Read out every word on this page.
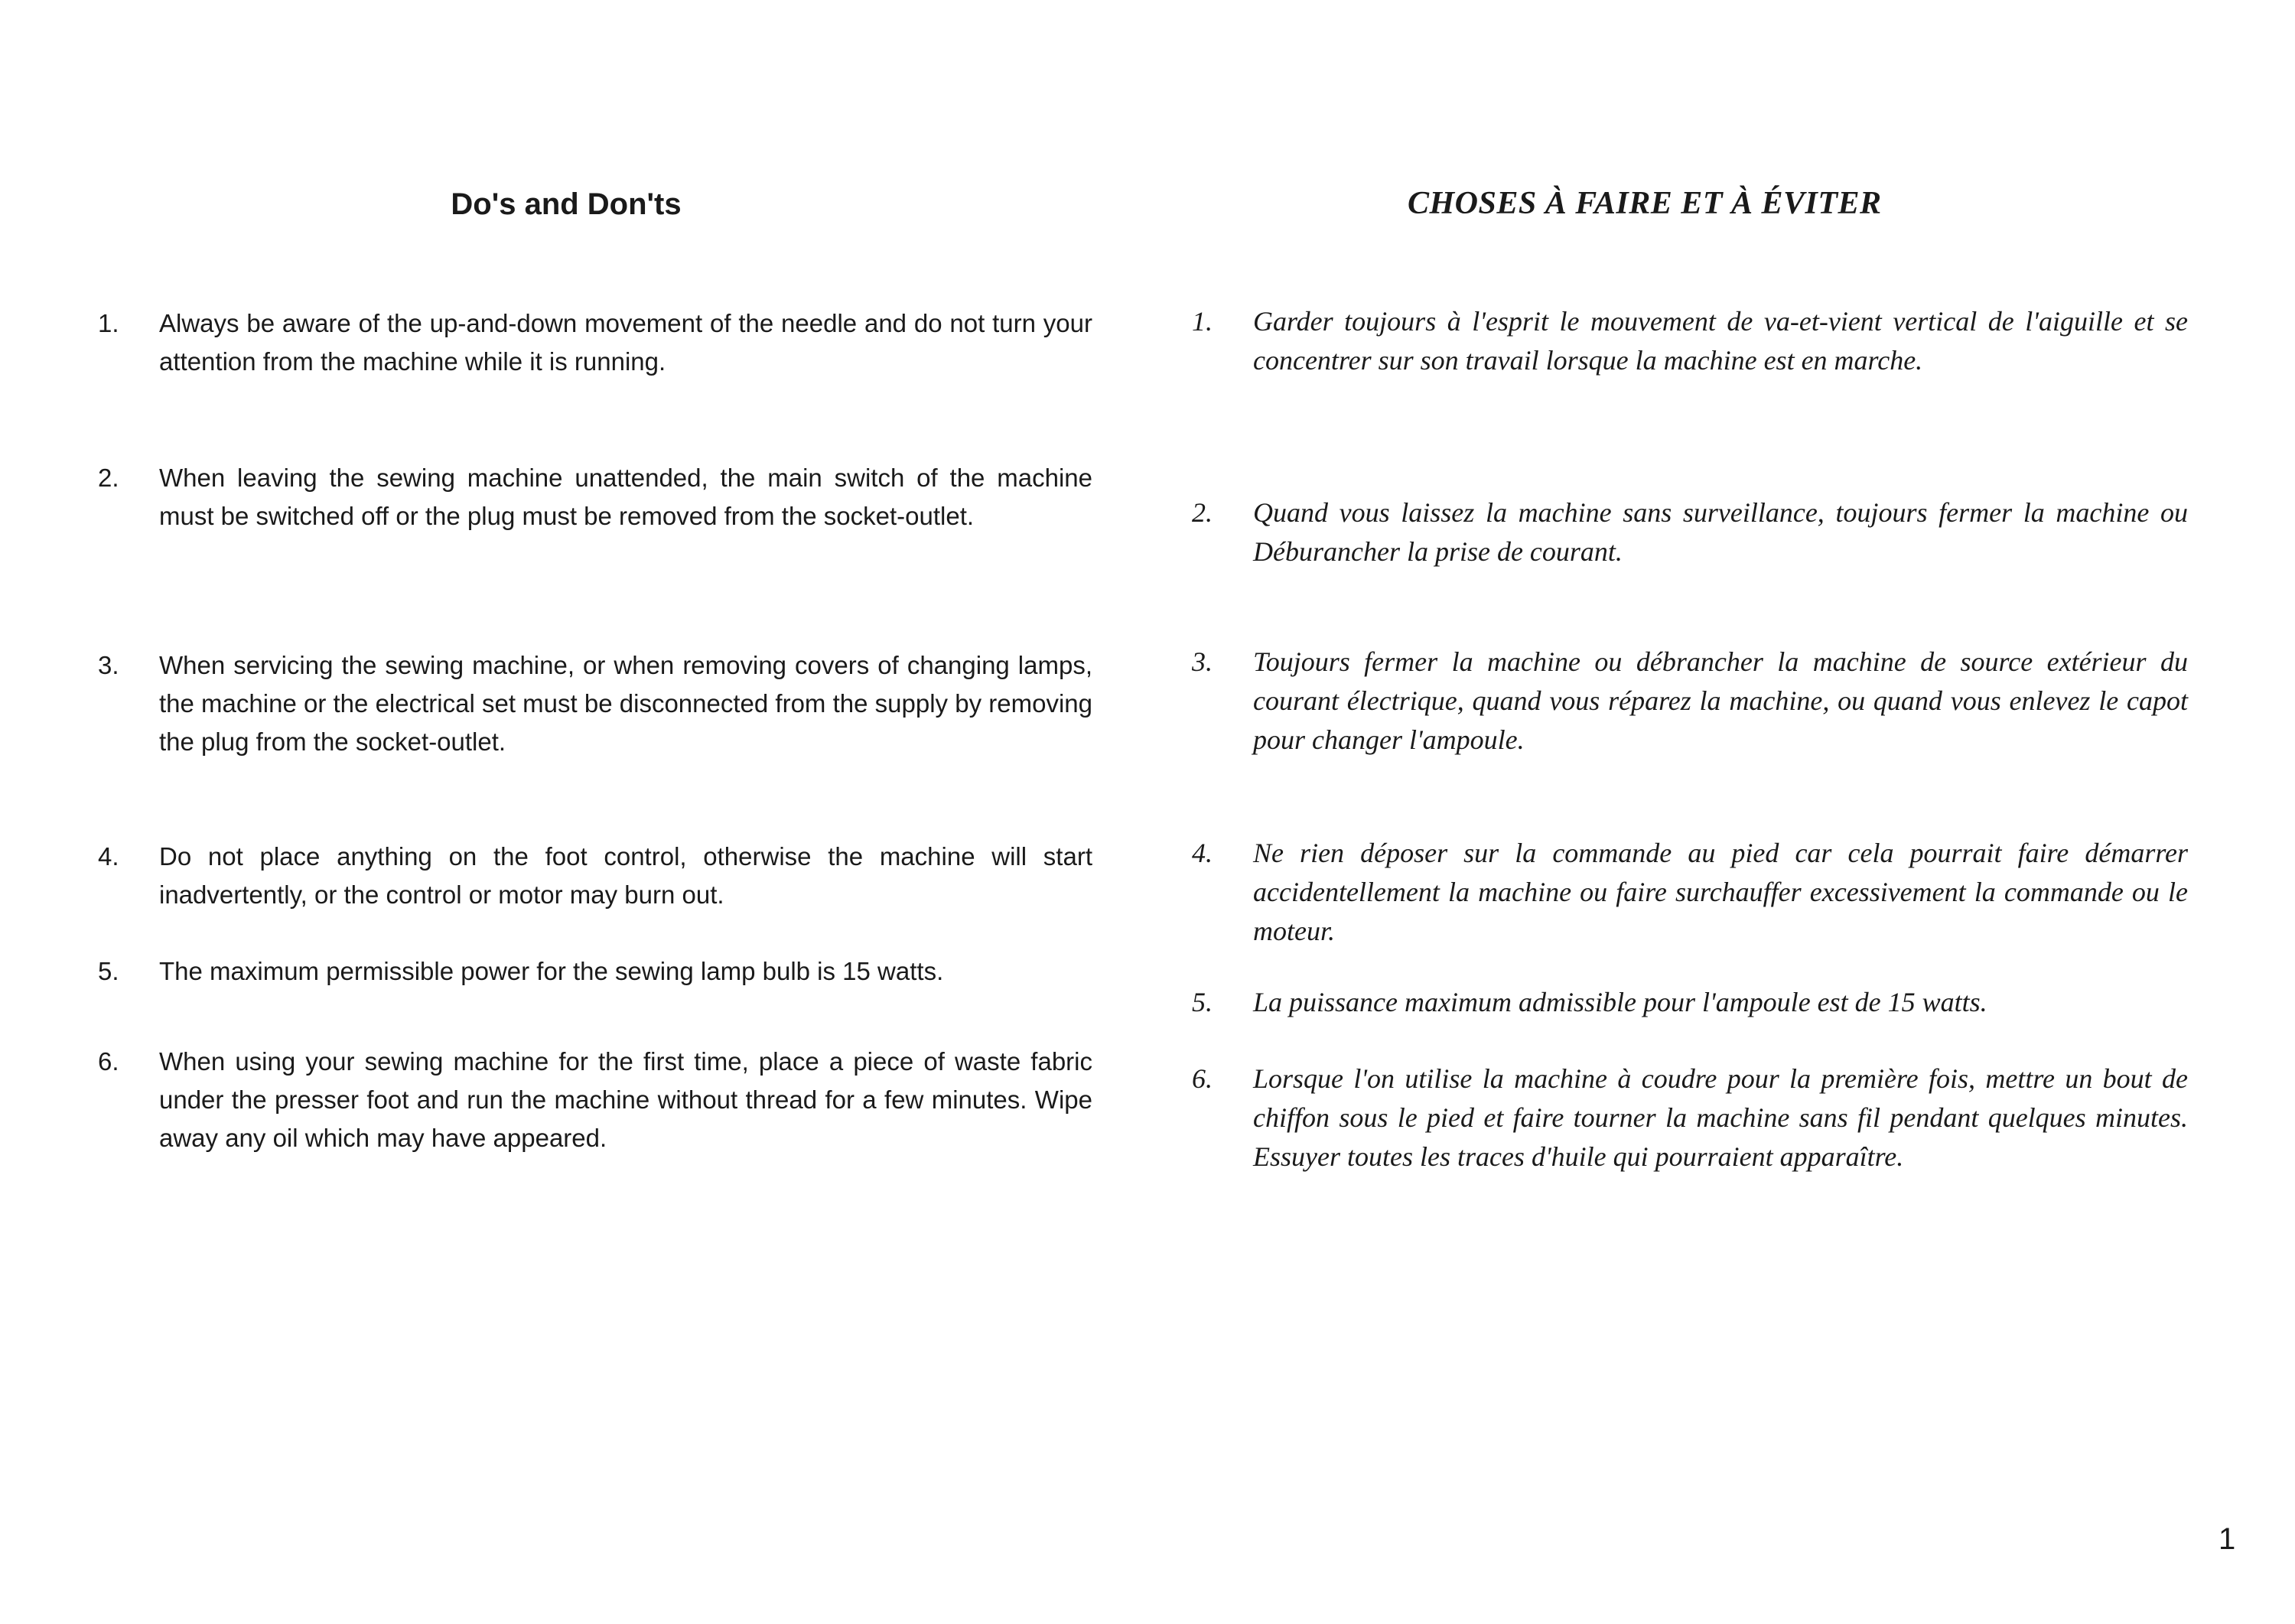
Do's and Don'ts
1.	Always be aware of the up-and-down movement of the needle and do not turn your attention from the machine while it is running.
2.	When leaving the sewing machine unattended, the main switch of the machine must be switched off or the plug must be removed from the socket-outlet.
3.	When servicing the sewing machine, or when removing covers of changing lamps, the machine or the electrical set must be disconnected from the supply by removing the plug from the socket-outlet.
4.	Do not place anything on the foot control, otherwise the machine will start inadvertently, or the control or motor may burn out.
5.	The maximum permissible power for the sewing lamp bulb is 15 watts.
6.	When using your sewing machine for the first time, place a piece of waste fabric under the presser foot and run the machine without thread for a few minutes. Wipe away any oil which may have appeared.
CHOSES À FAIRE ET À ÉVITER
1.	Garder toujours à l'esprit le mouvement de va-et-vient vertical de l'aiguille et se concentrer sur son travail lorsque la machine est en marche.
2.	Quand vous laissez la machine sans surveillance, toujours fermer la machine ou Déburancher la prise de courant.
3.	Toujours fermer la machine ou débrancher la machine de source extérieur du courant électrique, quand vous réparez la machine, ou quand vous enlevez le capot pour changer l'ampoule.
4.	Ne rien déposer sur la commande au pied car cela pourrait faire démarrer accidentellement la machine ou faire surchauffer excessivement la commande ou le moteur.
5.	La puissance maximum admissible pour l'ampoule est de 15 watts.
6.	Lorsque l'on utilise la machine à coudre pour la première fois, mettre un bout de chiffon sous le pied et faire tourner la machine sans fil pendant quelques minutes. Essuyer toutes les traces d'huile qui pourraient apparaître.

1
